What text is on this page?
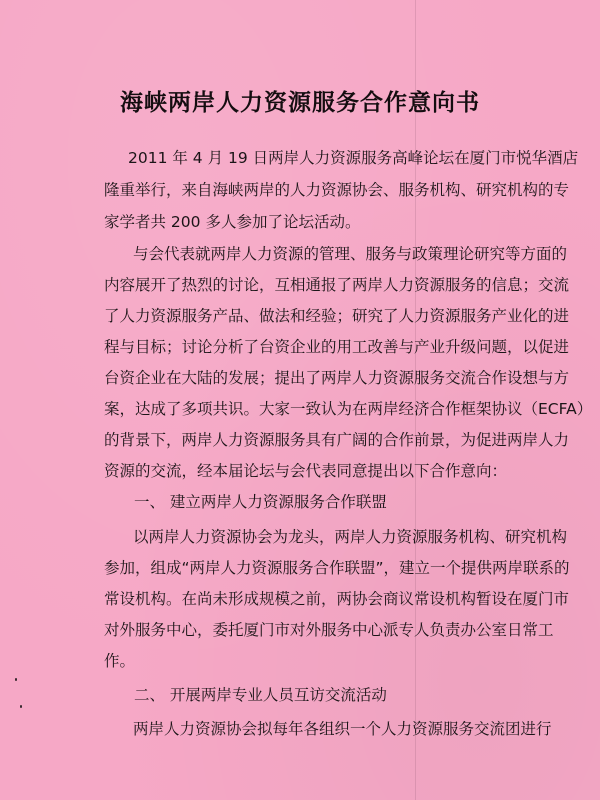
海峡两岸人力资源服务合作意向书

2011 年 4 月 19 日两岸人力资源服务高峰论坛在厦门市悦华酒店

隆重举行，来自海峡两岸的人力资源协会、服务机构、研究机构的专

家学者共 200 多人参加了论坛活动。

与会代表就两岸人力资源的管理、服务与政策理论研究等方面的

内容展开了热烈的讨论，互相通报了两岸人力资源服务的信息；交流

了人力资源服务产品、做法和经验；研究了人力资源服务产业化的进

程与目标；讨论分析了台资企业的用工改善与产业升级问题，以促进

台资企业在大陆的发展；提出了两岸人力资源服务交流合作设想与方

案，达成了多项共识。大家一致认为在两岸经济合作框架协议（ECFA）

的背景下，两岸人力资源服务具有广阔的合作前景，为促进两岸人力

资源的交流，经本届论坛与会代表同意提出以下合作意向：

一、 建立两岸人力资源服务合作联盟

以两岸人力资源协会为龙头，两岸人力资源服务机构、研究机构

参加，组成“两岸人力资源服务合作联盟”，建立一个提供两岸联系的

常设机构。在尚未形成规模之前，两协会商议常设机构暂设在厦门市

对外服务中心，委托厦门市对外服务中心派专人负责办公室日常工

作。

二、 开展两岸专业人员互访交流活动

两岸人力资源协会拟每年各组织一个人力资源服务交流团进行
